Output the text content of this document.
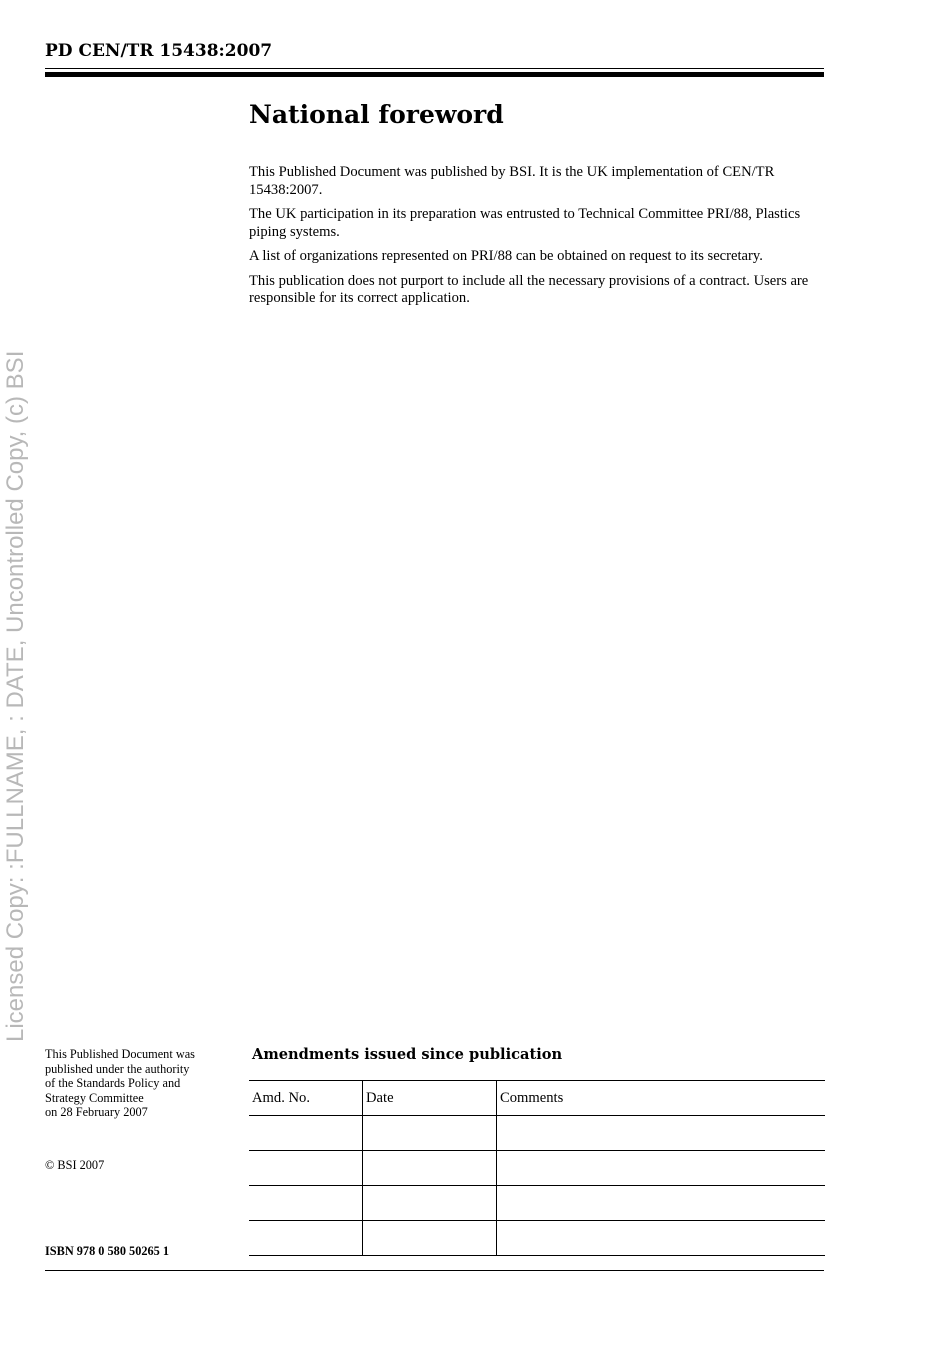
PD CEN/TR 15438:2007
National foreword

This Published Document was published by BSI. It is the UK implementation of CEN/TR 15438:2007.

The UK participation in its preparation was entrusted to Technical Committee PRI/88, Plastics piping systems.

A list of organizations represented on PRI/88 can be obtained on request to its secretary.

This publication does not purport to include all the necessary provisions of a contract. Users are responsible for its correct application.

Licensed Copy: :FULLNAME, : DATE, Uncontrolled Copy, (c) BSI
This Published Document was
published under the authority
of the Standards Policy and
Strategy Committee
on 28 February 2007
© BSI 2007
ISBN 978 0 580 50265 1
Amendments issued since publication
Amd. No.	Date	Comments
